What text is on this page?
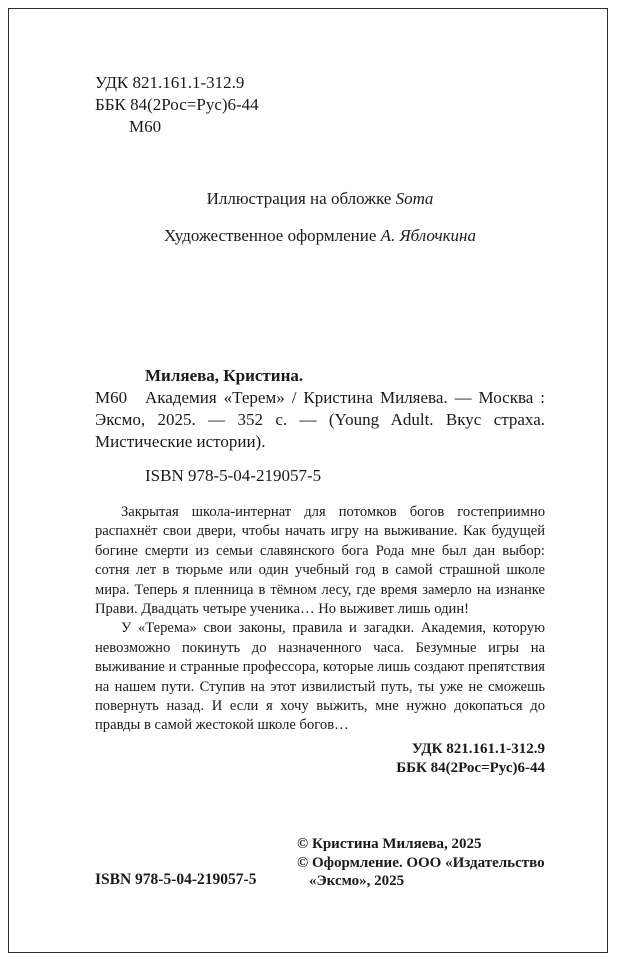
УДК 821.161.1-312.9
ББК 84(2Рос=Рус)6-44
М60
Иллюстрация на обложке Soma
Художественное оформление А. Яблочкина
М60

Миляева, Кристина.

Академия «Терем» / Кристина Миляева. — Москва : Эксмо, 2025. — 352 с. — (Young Adult. Вкус страха. Мистические истории).

ISBN 978-5-04-219057-5

Закрытая школа-интернат для потомков богов гостеприимно распахнёт свои двери, чтобы начать игру на выживание. Как будущей богине смерти из семьи славянского бога Рода мне был дан выбор: сотня лет в тюрьме или один учебный год в самой страшной школе мира. Теперь я пленница в тёмном лесу, где время замерло на изнанке Прави. Двадцать четыре ученика… Но выживет лишь один!

У «Терема» свои законы, правила и загадки. Академия, которую невозможно покинуть до назначенного часа. Безумные игры на выживание и странные профессора, которые лишь создают препятствия на нашем пути. Ступив на этот извилистый путь, ты уже не сможешь повернуть назад. И если я хочу выжить, мне нужно докопаться до правды в самой жестокой школе богов…

УДК 821.161.1-312.9
ББК 84(2Рос=Рус)6-44
ISBN 978-5-04-219057-5
© Кристина Миляева, 2025
© Оформление. ООО «Издательство
«Эксмо», 2025
